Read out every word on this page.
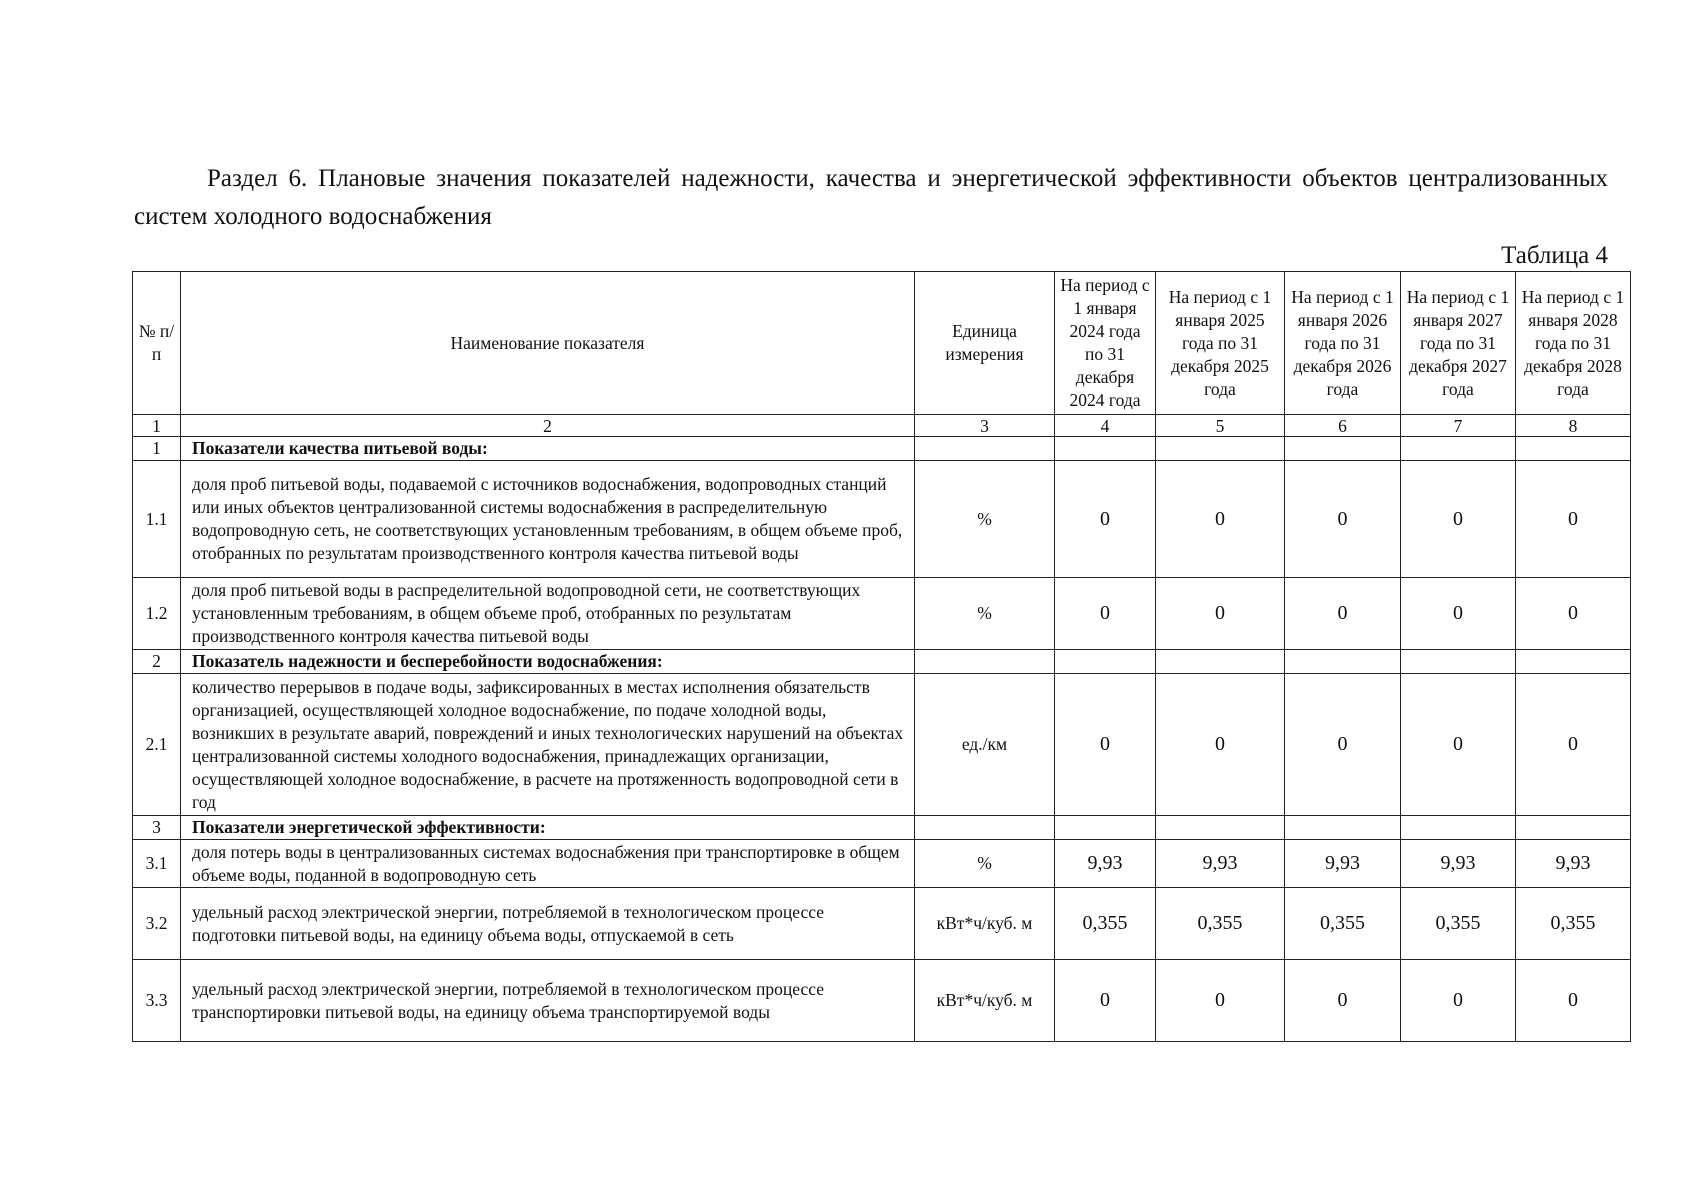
Раздел 6. Плановые значения показателей надежности, качества и энергетической эффективности объектов централизованных систем холодного водоснабжения

Таблица 4
№ п/п	Наименование показателя	Единица измерения	На период с 1 января 2024 года по 31 декабря 2024 года	На период с 1 января 2025 года по 31 декабря 2025 года	На период с 1 января 2026 года по 31 декабря 2026 года	На период с 1 января 2027 года по 31 декабря 2027 года	На период с 1 января 2028 года по 31 декабря 2028 года
1	2	3	4	5	6	7	8
1	Показатели качества питьевой воды:						
1.1	доля проб питьевой воды, подаваемой с источников водоснабжения, водопроводных станций или иных объектов централизованной системы водоснабжения в распределительную водопроводную сеть, не соответствующих установленным требованиям, в общем объеме проб, отобранных по результатам производственного контроля качества питьевой воды	%	0	0	0	0	0
1.2	доля проб питьевой воды в распределительной водопроводной сети, не соответствующих установленным требованиям, в общем объеме проб, отобранных по результатам производственного контроля качества питьевой воды	%	0	0	0	0	0
2	Показатель надежности и бесперебойности водоснабжения:						
2.1	количество перерывов в подаче воды, зафиксированных в местах исполнения обязательств организацией, осуществляющей холодное водоснабжение, по подаче холодной воды, возникших в результате аварий, повреждений и иных технологических нарушений на объектах централизованной системы холодного водоснабжения, принадлежащих организации, осуществляющей холодное водоснабжение, в расчете на протяженность водопроводной сети в год	ед./км	0	0	0	0	0
3	Показатели энергетической эффективности:						
3.1	доля потерь воды в централизованных системах водоснабжения при транспортировке в общем объеме воды, поданной в водопроводную сеть	%	9,93	9,93	9,93	9,93	9,93
3.2	удельный расход электрической энергии, потребляемой в технологическом процессе подготовки питьевой воды, на единицу объема воды, отпускаемой в сеть	кВт*ч/куб. м	0,355	0,355	0,355	0,355	0,355
3.3	удельный расход электрической энергии, потребляемой в технологическом процессе транспортировки питьевой воды, на единицу объема транспортируемой воды	кВт*ч/куб. м	0	0	0	0	0
